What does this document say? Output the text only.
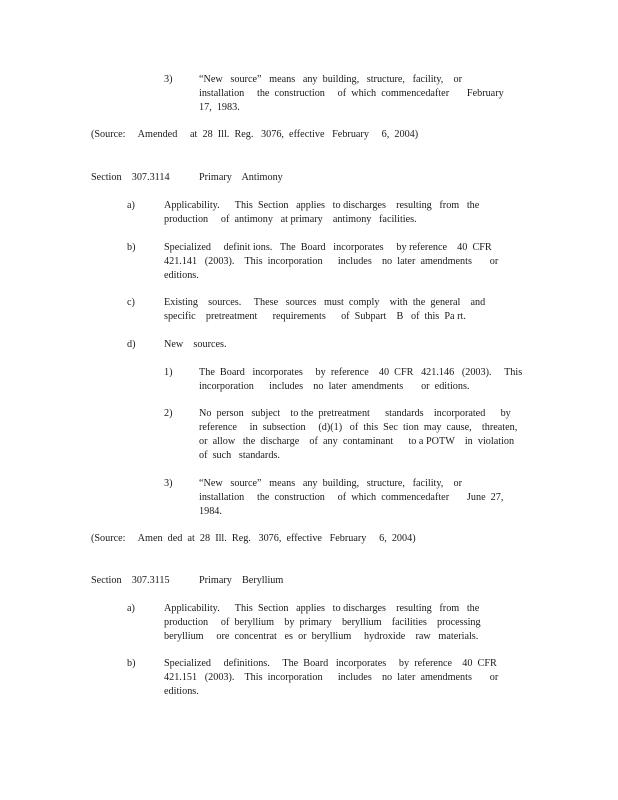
3)	“New   source”   means   any  building,   structure,   facility,    or
installation     the  construction     of  which  commencedafter       February
17,  1983.
(Source:     Amended     at  28  Ill.  Reg.   3076,  effective   February     6,  2004)
Section    307.3114	Primary    Antimony
a)	Applicability.      This  Section   applies   to discharges    resulting   from   the
production     of  antimony   at primary    antimony   facilities.
b)	Specialized     definit ions.   The  Board   incorporates     by reference    40  CFR
421.141   (2003).    This  incorporation      includes    no  later  amendments       or
editions.
c)	Existing    sources.     These   sources   must  comply    with  the  general    and
specific    pretreatment      requirements      of  Subpart    B   of  this  Pa rt.
d)	New    sources.
1)	The  Board   incorporates     by  reference    40  CFR   421.146   (2003).     This
incorporation      includes    no  later  amendments       or  editions.
2)	No  person   subject    to the  pretreatment      standards    incorporated      by
reference     in  subsection     (d)(1)   of  this  Sec  tion  may  cause,    threaten,
or  allow   the  discharge    of  any  contaminant      to a POTW    in  violation
of  such   standards.
3)	“New   source”   means   any  building,   structure,   facility,    or
installation     the  construction     of  which  commencedafter       June  27,
1984.
(Source:     Amen  ded  at  28  Ill.  Reg.   3076,  effective   February     6,  2004)
Section    307.3115	Primary    Beryllium
a)	Applicability.      This  Section   applies   to discharges    resulting   from   the
production     of  beryllium    by  primary    beryllium    facilities    processing
beryllium     ore  concentrat   es  or  beryllium     hydroxide    raw   materials.
b)	Specialized     definitions.     The  Board   incorporates     by  reference    40  CFR
421.151   (2003).    This  incorporation      includes    no  later  amendments       or
editions.
